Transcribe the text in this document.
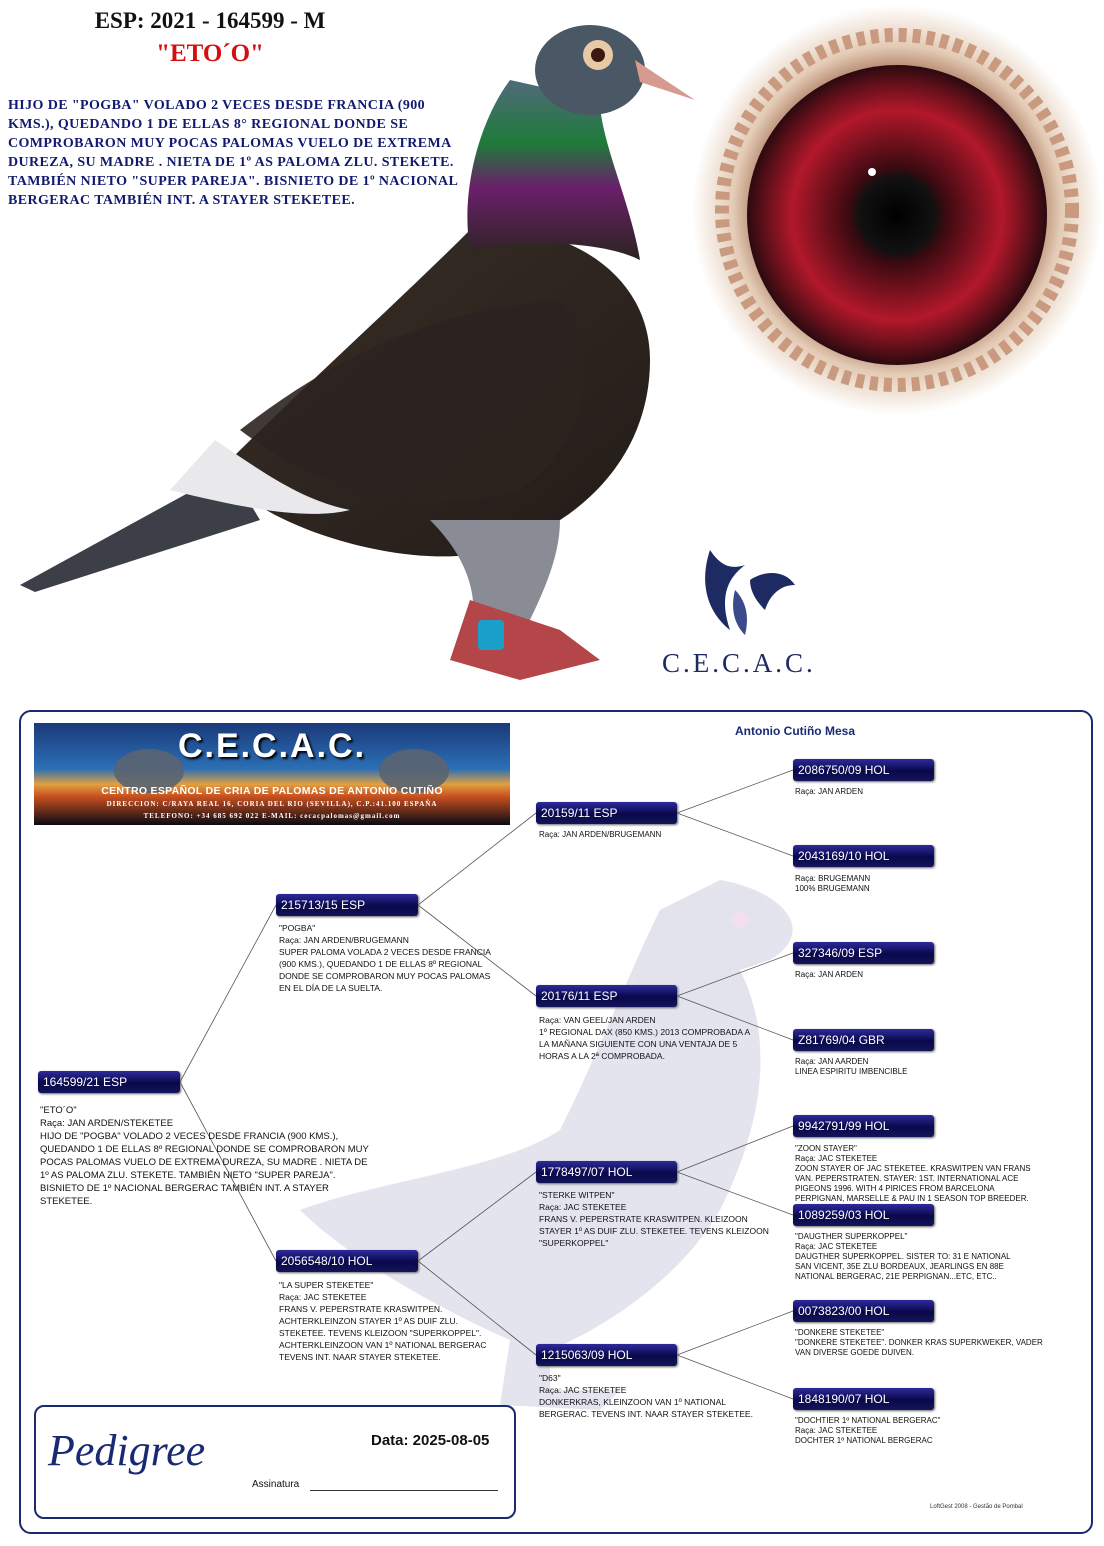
ESP: 2021 - 164599 - M
"ETO´O"
HIJO DE "POGBA" VOLADO 2 VECES DESDE FRANCIA (900 KMS.), QUEDANDO 1 DE ELLAS 8° REGIONAL DONDE SE COMPROBARON MUY POCAS PALOMAS VUELO DE EXTREMA DUREZA, SU MADRE . NIETA DE 1º AS PALOMA ZLU. STEKETE. TAMBIÉN NIETO "SUPER PAREJA". BISNIETO DE 1º NACIONAL BERGERAC TAMBIÉN INT. A STAYER STEKETEE.
C.E.C.A.C.
C.E.C.A.C.
CENTRO ESPAÑOL DE CRIA DE PALOMAS DE ANTONIO CUTIÑO
DIRECCION: C/RAYA REAL 16, CORIA DEL RIO (SEVILLA), C.P.:41.100 ESPAÑA
TELEFONO: +34 685 692 022 E-MAIL: cecacpalomas@gmail.com
Antonio Cutiño Mesa
164599/21 ESP
"ETO´O"
Raça: JAN ARDEN/STEKETEE
HIJO DE "POGBA" VOLADO 2 VECES DESDE FRANCIA (900 KMS.), QUEDANDO 1 DE ELLAS 8º REGIONAL DONDE SE COMPROBARON MUY POCAS PALOMAS VUELO DE EXTREMA DUREZA, SU MADRE . NIETA DE 1º AS PALOMA ZLU. STEKETE. TAMBIÉN NIETO "SUPER PAREJA". BISNIETO DE 1º NACIONAL BERGERAC TAMBIÉN INT. A STAYER STEKETEE.
215713/15 ESP
"POGBA"
Raça: JAN ARDEN/BRUGEMANN
SUPER PALOMA VOLADA 2 VECES DESDE FRANCIA (900 KMS.), QUEDANDO 1 DE ELLAS 8º REGIONAL DONDE SE COMPROBARON MUY POCAS PALOMAS EN EL DÍA DE LA SUELTA.
2056548/10 HOL
"LA SUPER STEKETEE"
Raça: JAC STEKETEE
FRANS V. PEPERSTRATE KRASWITPEN. ACHTERKLEINZON STAYER 1º AS DUIF ZLU. STEKETEE. TEVENS KLEIZOON "SUPERKOPPEL". ACHTERKLEINZOON VAN 1º NATIONAL BERGERAC TEVENS INT. NAAR STAYER STEKETEE.
20159/11 ESP
Raça: JAN ARDEN/BRUGEMANN
20176/11 ESP
Raça: VAN GEEL/JAN ARDEN
1º REGIONAL DAX (850 KMS.) 2013 COMPROBADA A LA MAÑANA SIGUIENTE CON UNA VENTAJA DE 5 HORAS A LA 2ª COMPROBADA.
1778497/07 HOL
"STERKE WITPEN"
Raça: JAC STEKETEE
FRANS V. PEPERSTRATE KRASWITPEN. KLEIZOON STAYER 1º AS DUIF ZLU. STEKETEE. TEVENS KLEIZOON "SUPERKOPPEL"
1215063/09 HOL
"D63"
Raça: JAC STEKETEE
DONKERKRAS, KLEINZOON VAN 1º NATIONAL BERGERAC. TEVENS INT. NAAR STAYER STEKETEE.
2086750/09 HOL
Raça: JAN ARDEN
2043169/10 HOL
Raça: BRUGEMANN
100% BRUGEMANN
327346/09 ESP
Raça: JAN ARDEN
Z81769/04 GBR
Raça: JAN AARDEN
LINEA ESPIRITU IMBENCIBLE
9942791/99 HOL
"ZOON STAYER"
Raça: JAC STEKETEE
ZOON STAYER OF JAC STEKETEE. KRASWITPEN VAN FRANS VAN. PEPERSTRATEN. STAYER: 1ST. INTERNATIONAL ACE PIGEONS 1996. WITH 4 PIRICES FROM BARCELONA PERPIGNAN, MARSELLE & PAU IN 1 SEASON TOP BREEDER.
1089259/03 HOL
"DAUGTHER SUPERKOPPEL"
Raça: JAC STEKETEE
DAUGTHER SUPERKOPPEL. SISTER TO: 31 E NATIONAL SAN VICENT, 35E ZLU BORDEAUX, JEARLINGS EN 88E NATIONAL BERGERAC, 21E PERPIGNAN...ETC, ETC..
0073823/00 HOL
"DONKERE STEKETEE"
"DONKERE STEKETEE". DONKER KRAS SUPERKWEKER, VADER VAN DIVERSE GOEDE DUIVEN.
1848190/07 HOL
"DOCHTIER 1º NATIONAL BERGERAC"
Raça: JAC STEKETEE
DOCHTER 1º NATIONAL BERGERAC
Pedigree	Data: 2025-08-05
Assinatura
LoftGest 2008 - Gestão de Pombal
